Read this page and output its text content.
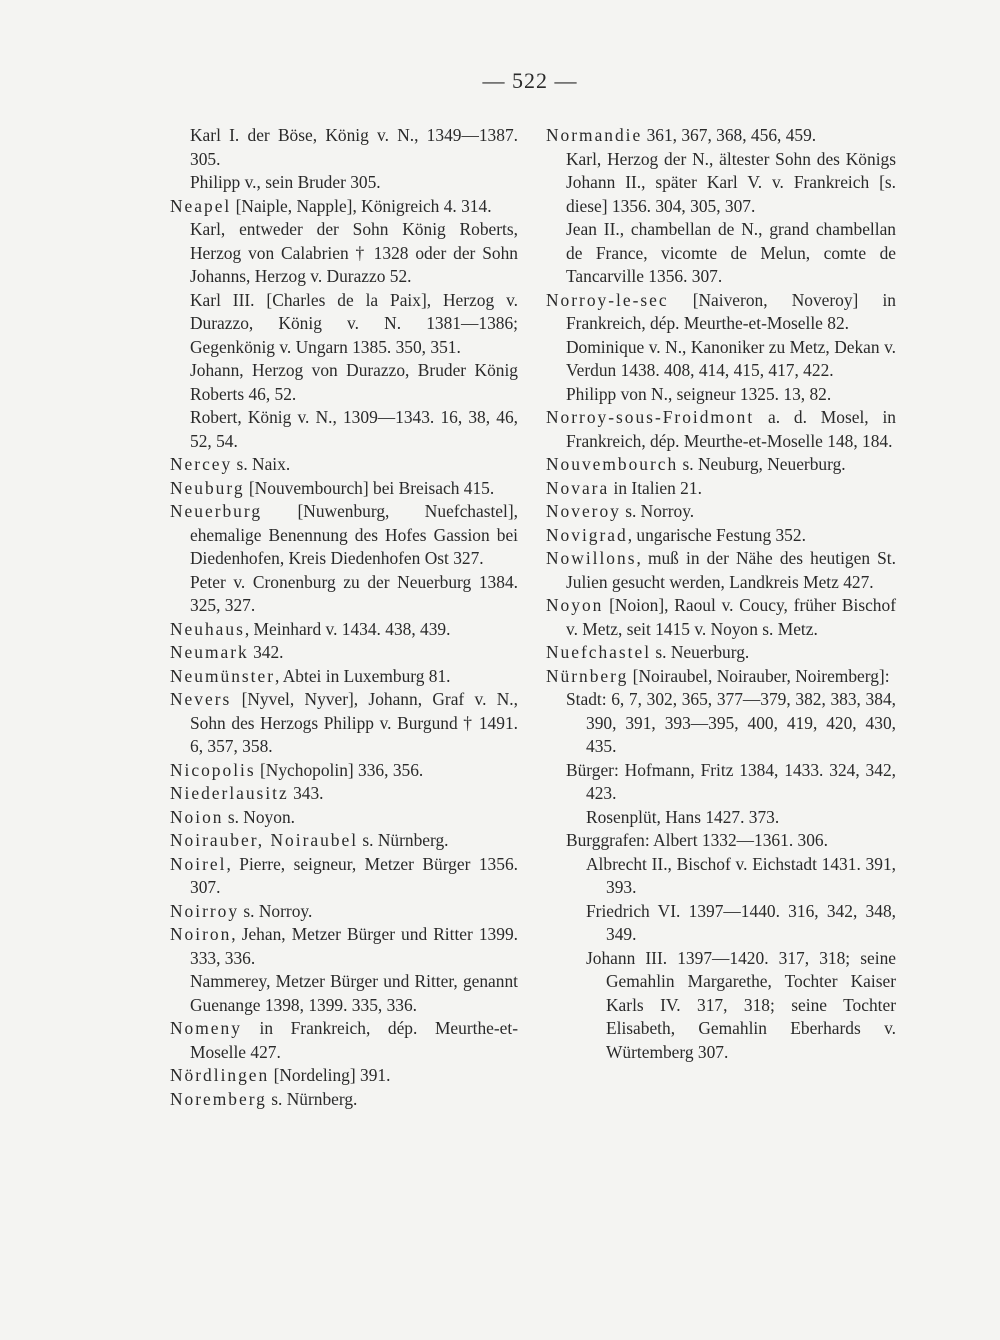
— 522 —
Karl I. der Böse, König v. N., 1349—1387. 305.
Philipp v., sein Bruder 305.
Neapel [Naiple, Napple], Königreich 4. 314.
Karl, entweder der Sohn König Roberts, Herzog von Calabrien † 1328 oder der Sohn Johanns, Herzog v. Durazzo 52.
Karl III. [Charles de la Paix], Herzog v. Durazzo, König v. N. 1381—1386; Gegenkönig v. Ungarn 1385. 350, 351.
Johann, Herzog von Durazzo, Bruder König Roberts 46, 52.
Robert, König v. N., 1309—1343. 16, 38, 46, 52, 54.
Nercey s. Naix.
Neuburg [Nouvembourch] bei Breisach 415.
Neuerburg [Nuwenburg, Nuefchastel], ehemalige Benennung des Hofes Gassion bei Diedenhofen, Kreis Diedenhofen Ost 327.
Peter v. Cronenburg zu der Neuerburg 1384. 325, 327.
Neuhaus, Meinhard v. 1434. 438, 439.
Neumark 342.
Neumünster, Abtei in Luxemburg 81.
Nevers [Nyvel, Nyver], Johann, Graf v. N., Sohn des Herzogs Philipp v. Burgund † 1491. 6, 357, 358.
Nicopolis [Nychopolin] 336, 356.
Niederlausitz 343.
Noion s. Noyon.
Noirauber, Noiraubel s. Nürnberg.
Noirel, Pierre, seigneur, Metzer Bürger 1356. 307.
Noirroy s. Norroy.
Noiron, Jehan, Metzer Bürger und Ritter 1399. 333, 336.
Nammerey, Metzer Bürger und Ritter, genannt Guenange 1398, 1399. 335, 336.
Nomeny in Frankreich, dép. Meurthe-et-Moselle 427.
Nördlingen [Nordeling] 391.
Noremberg s. Nürnberg.
Normandie 361, 367, 368, 456, 459.
Karl, Herzog der N., ältester Sohn des Königs Johann II., später Karl V. v. Frankreich [s. diese] 1356. 304, 305, 307.
Jean II., chambellan de N., grand chambellan de France, vicomte de Melun, comte de Tancarville 1356. 307.
Norroy-le-sec [Naiveron, Noveroy] in Frankreich, dép. Meurthe-et-Moselle 82.
Dominique v. N., Kanoniker zu Metz, Dekan v. Verdun 1438. 408, 414, 415, 417, 422.
Philipp von N., seigneur 1325. 13, 82.
Norroy-sous-Froidmont a. d. Mosel, in Frankreich, dép. Meurthe-et-Moselle 148, 184.
Nouvembourch s. Neuburg, Neuerburg.
Novara in Italien 21.
Noveroy s. Norroy.
Novigrad, ungarische Festung 352.
Nowillons, muß in der Nähe des heutigen St. Julien gesucht werden, Landkreis Metz 427.
Noyon [Noion], Raoul v. Coucy, früher Bischof v. Metz, seit 1415 v. Noyon s. Metz.
Nuefchastel s. Neuerburg.
Nürnberg [Noiraubel, Noirauber, Noiremberg]:
Stadt: 6, 7, 302, 365, 377—379, 382, 383, 384, 390, 391, 393—395, 400, 419, 420, 430, 435.
Bürger: Hofmann, Fritz 1384, 1433. 324, 342, 423.
Rosenplüt, Hans 1427. 373.
Burggrafen: Albert 1332—1361. 306.
Albrecht II., Bischof v. Eichstadt 1431. 391, 393.
Friedrich VI. 1397—1440. 316, 342, 348, 349.
Johann III. 1397—1420. 317, 318; seine Gemahlin Margarethe, Tochter Kaiser Karls IV. 317, 318; seine Tochter Elisabeth, Gemahlin Eberhards v. Würtemberg 307.
